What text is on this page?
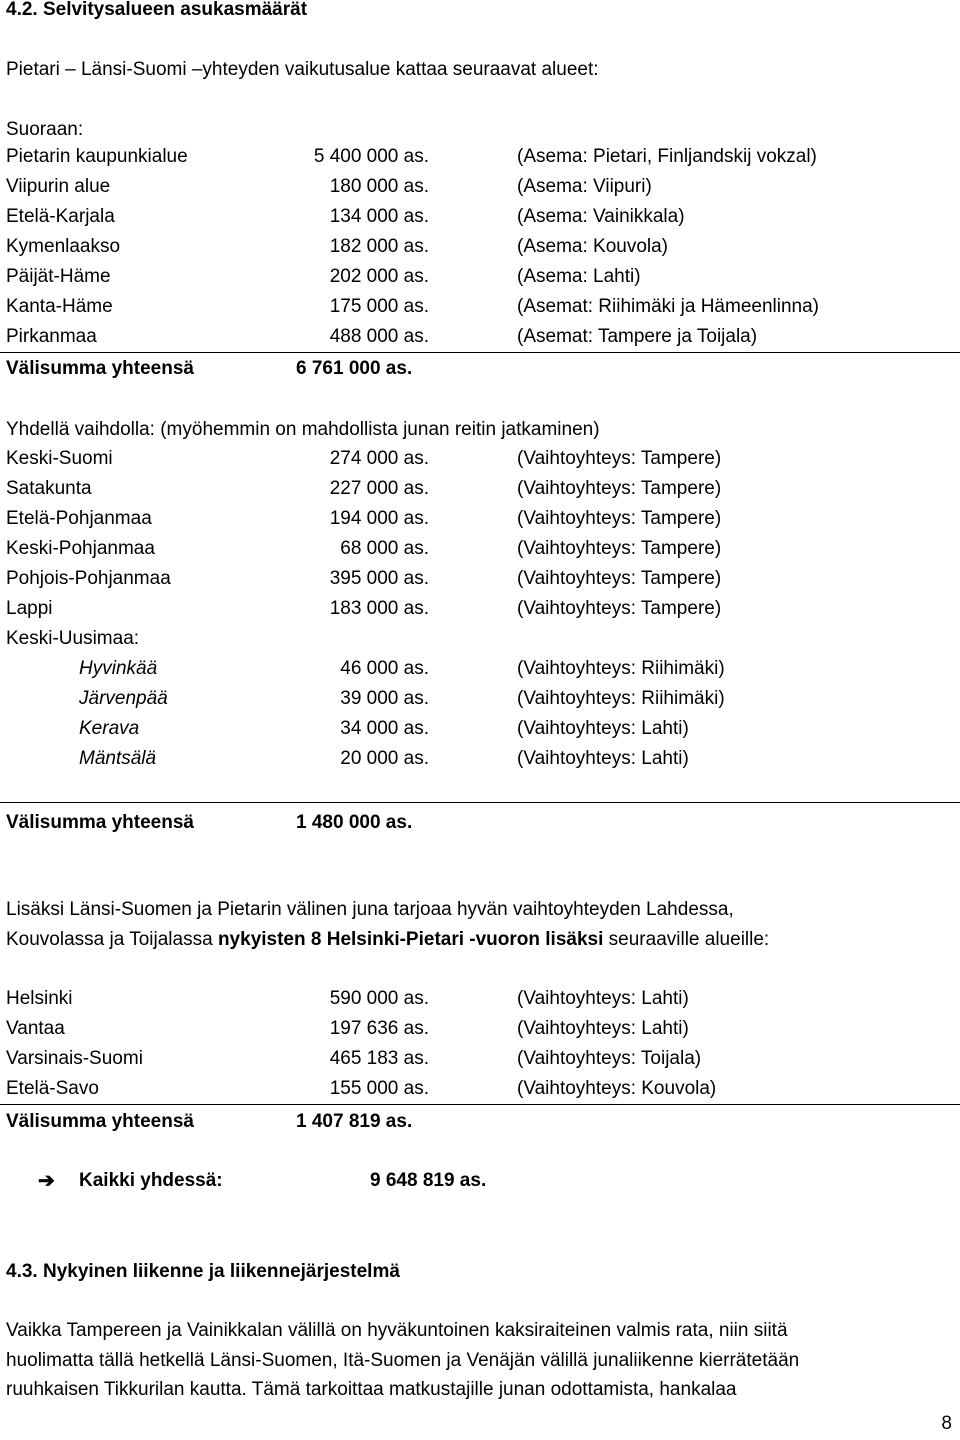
4.2. Selvitysalueen asukasmäärät
Pietari – Länsi-Suomi –yhteyden vaikutusalue kattaa seuraavat alueet:
Suoraan:
Pietarin kaupunkialue	5 400 000 as.	(Asema: Pietari, Finljandskij vokzal)
Viipurin alue	180 000 as.	(Asema: Viipuri)
Etelä-Karjala	134 000 as.	(Asema: Vainikkala)
Kymenlaakso	182 000 as.	(Asema: Kouvola)
Päijät-Häme	202 000 as.	(Asema: Lahti)
Kanta-Häme	175 000 as.	(Asemat: Riihimäki ja Hämeenlinna)
Pirkanmaa	488 000 as.	(Asemat: Tampere ja Toijala)
Välisumma yhteensä	6 761 000 as.
Yhdellä vaihdolla: (myöhemmin on mahdollista junan reitin jatkaminen)
Keski-Suomi	274 000 as.	(Vaihtoyhteys: Tampere)
Satakunta	227 000 as.	(Vaihtoyhteys: Tampere)
Etelä-Pohjanmaa	194 000 as.	(Vaihtoyhteys: Tampere)
Keski-Pohjanmaa	68 000 as.	(Vaihtoyhteys: Tampere)
Pohjois-Pohjanmaa	395 000 as.	(Vaihtoyhteys: Tampere)
Lappi	183 000 as.	(Vaihtoyhteys: Tampere)
Keski-Uusimaa:
Hyvinkää	46 000 as.	(Vaihtoyhteys: Riihimäki)
Järvenpää	39 000 as.	(Vaihtoyhteys: Riihimäki)
Kerava	34 000 as.	(Vaihtoyhteys: Lahti)
Mäntsälä	20 000 as.	(Vaihtoyhteys: Lahti)
Välisumma yhteensä	1 480 000 as.
Lisäksi Länsi-Suomen ja Pietarin välinen juna tarjoaa hyvän vaihtoyhteyden Lahdessa,
Kouvolassa ja Toijalassa nykyisten 8 Helsinki-Pietari -vuoron lisäksi seuraaville alueille:
Helsinki	590 000 as.	(Vaihtoyhteys: Lahti)
Vantaa	197 636 as.	(Vaihtoyhteys: Lahti)
Varsinais-Suomi	465 183 as.	(Vaihtoyhteys: Toijala)
Etelä-Savo	155 000 as.	(Vaihtoyhteys: Kouvola)
Välisumma yhteensä	1 407 819 as.
➔ Kaikki yhdessä:	9 648 819 as.
4.3. Nykyinen liikenne ja liikennejärjestelmä
Vaikka Tampereen ja Vainikkalan välillä on hyväkuntoinen kaksiraiteinen valmis rata, niin siitä
huolimatta tällä hetkellä Länsi-Suomen, Itä-Suomen ja Venäjän välillä junaliikenne kierrätetään
ruuhkaisen Tikkurilan kautta. Tämä tarkoittaa matkustajille junan odottamista, hankalaa
8
